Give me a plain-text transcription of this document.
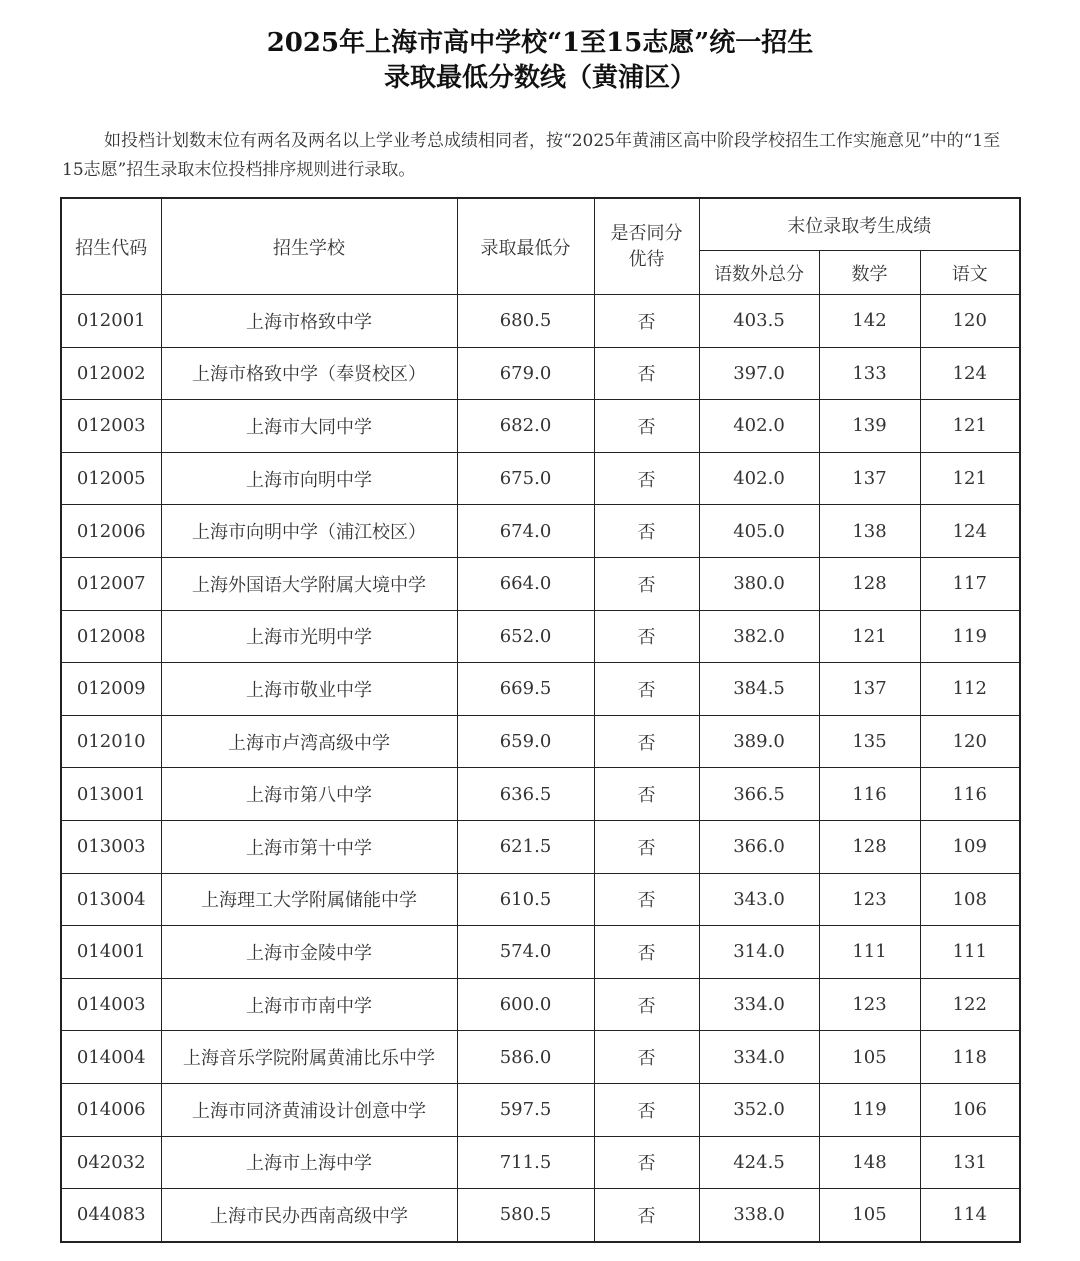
2025年上海市高中学校“1至15志愿”统一招生
录取最低分数线（黄浦区）
如投档计划数末位有两名及两名以上学业考总成绩相同者，按“2025年黄浦区高中阶段学校招生工作实施意见”中的“1至15志愿”招生录取末位投档排序规则进行录取。
招生代码	招生学校	录取最低分	是否同分优待	末位录取考生成绩		
				语数外总分	数学	语文
012001	上海市格致中学	680.5	否	403.5	142	120
012002	上海市格致中学（奉贤校区）	679.0	否	397.0	133	124
012003	上海市大同中学	682.0	否	402.0	139	121
012005	上海市向明中学	675.0	否	402.0	137	121
012006	上海市向明中学（浦江校区）	674.0	否	405.0	138	124
012007	上海外国语大学附属大境中学	664.0	否	380.0	128	117
012008	上海市光明中学	652.0	否	382.0	121	119
012009	上海市敬业中学	669.5	否	384.5	137	112
012010	上海市卢湾高级中学	659.0	否	389.0	135	120
013001	上海市第八中学	636.5	否	366.5	116	116
013003	上海市第十中学	621.5	否	366.0	128	109
013004	上海理工大学附属储能中学	610.5	否	343.0	123	108
014001	上海市金陵中学	574.0	否	314.0	111	111
014003	上海市市南中学	600.0	否	334.0	123	122
014004	上海音乐学院附属黄浦比乐中学	586.0	否	334.0	105	118
014006	上海市同济黄浦设计创意中学	597.5	否	352.0	119	106
042032	上海市上海中学	711.5	否	424.5	148	131
044083	上海市民办西南高级中学	580.5	否	338.0	105	114
